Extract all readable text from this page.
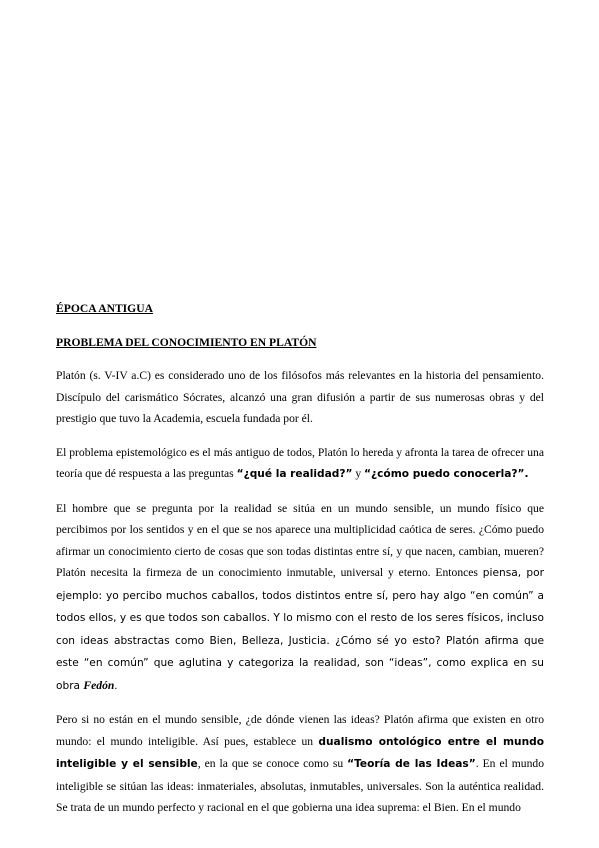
ÉPOCA ANTIGUA
PROBLEMA DEL CONOCIMIENTO EN PLATÓN

Platón (s. V-IV a.C) es considerado uno de los filósofos más relevantes en la historia del pensamiento. Discípulo del carismático Sócrates, alcanzó una gran difusión a partir de sus numerosas obras y del prestigio que tuvo la Academia, escuela fundada por él.

El problema epistemológico es el más antiguo de todos, Platón lo hereda y afronta la tarea de ofrecer una teoría que dé respuesta a las preguntas “¿qué la realidad?” y “¿cómo puedo conocerla?”.

El hombre que se pregunta por la realidad se sitúa en un mundo sensible, un mundo físico que percibimos por los sentidos y en el que se nos aparece una multiplicidad caótica de seres. ¿Cómo puedo afirmar un conocimiento cierto de cosas que son todas distintas entre sí, y que nacen, cambian, mueren? Platón necesita la firmeza de un conocimiento inmutable, universal y eterno. Entonces piensa, por ejemplo: yo percibo muchos caballos, todos distintos entre sí, pero hay algo “en común” a todos ellos, y es que todos son caballos. Y lo mismo con el resto de los seres físicos, incluso con ideas abstractas como Bien, Belleza, Justicia. ¿Cómo sé yo esto? Platón afirma que este “en común” que aglutina y categoriza la realidad, son “ideas”, como explica en su obra Fedón.

Pero si no están en el mundo sensible, ¿de dónde vienen las ideas? Platón afirma que existen en otro mundo: el mundo inteligible. Así pues, establece un dualismo ontológico entre el mundo inteligible y el sensible, en la que se conoce como su “Teoría de las Ideas”. En el mundo inteligible se sitúan las ideas: inmateriales, absolutas, inmutables, universales. Son la auténtica realidad. Se trata de un mundo perfecto y racional en el que gobierna una idea suprema: el Bien. En el mundo
